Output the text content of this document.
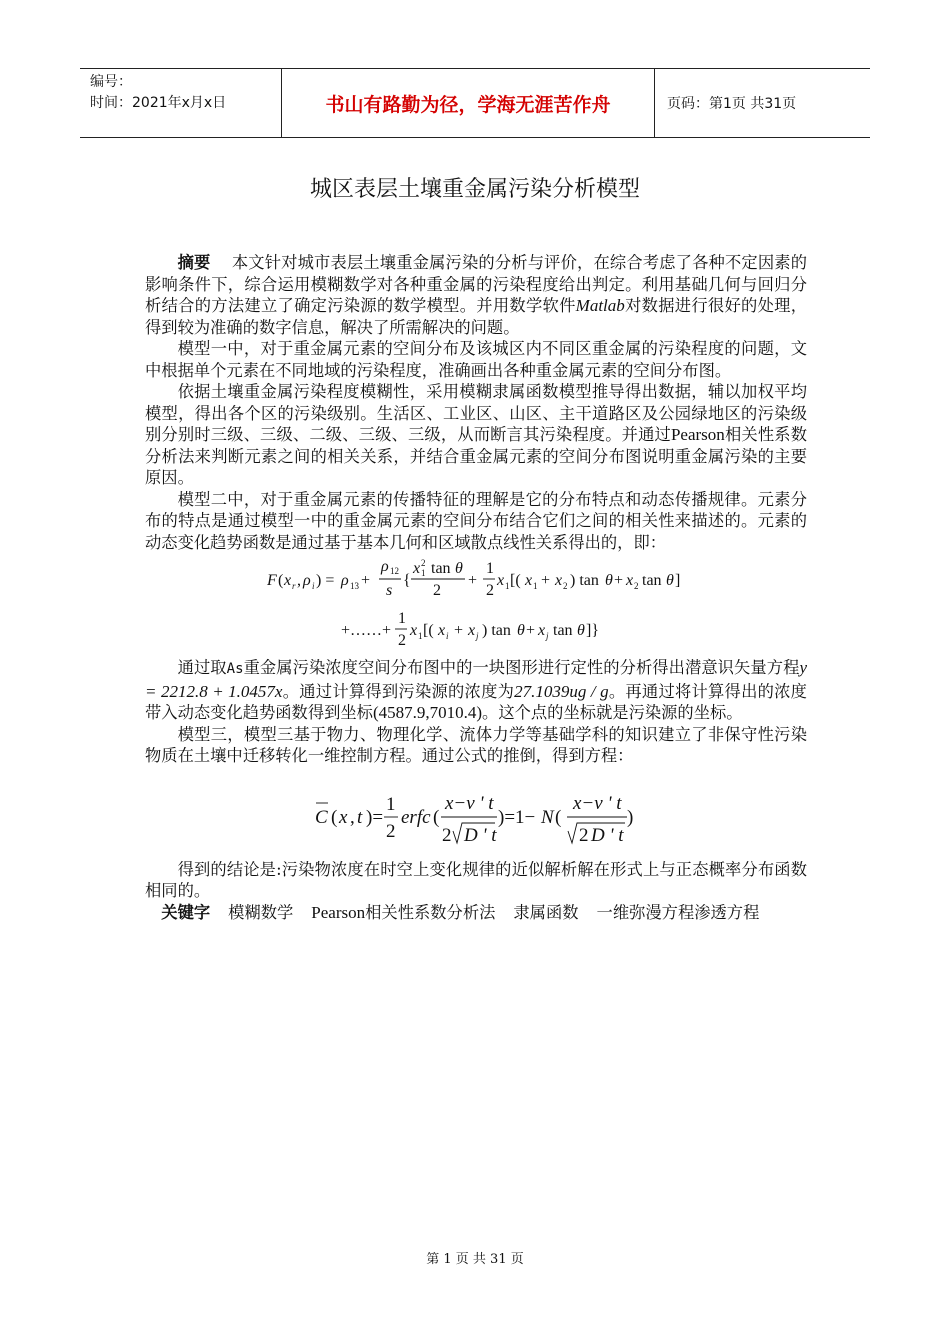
编号：
时间：2021年x月x日	书山有路勤为径，学海无涯苦作舟	页码：第1页 共31页
城区表层土壤重金属污染分析模型

摘要 本文针对城市表层土壤重金属污染的分析与评价，在综合考虑了各种不定因素的影响条件下，综合运用模糊数学对各种重金属的污染程度给出判定。利用基础几何与回归分析结合的方法建立了确定污染源的数学模型。并用数学软件Matlab对数据进行很好的处理，得到较为准确的数字信息，解决了所需解决的问题。

模型一中，对于重金属元素的空间分布及该城区内不同区重金属的污染程度的问题，文中根据单个元素在不同地域的污染程度，准确画出各种重金属元素的空间分布图。

依据土壤重金属污染程度模糊性，采用模糊隶属函数模型推导得出数据，辅以加权平均模型，得出各个区的污染级别。生活区、工业区、山区、主干道路区及公园绿地区的污染级别分别时三级、三级、二级、三级、三级，从而断言其污染程度。并通过Pearson相关性系数分析法来判断元素之间的相关关系，并结合重金属元素的空间分布图说明重金属污染的主要原因。

模型二中，对于重金属元素的传播特征的理解是它的分布特点和动态传播规律。元素分布的特点是通过模型一中的重金属元素的空间分布结合它们之间的相关性来描述的。元素的动态变化趋势函数是通过基于基本几何和区域散点线性关系得出的，即：

F ( x r , ρ i ) = ρ 13 +
ρ 12
s
{
x 1
2 tan θ
2
+
1
2
x 1 [( x 1 + x 2 ) tan θ + x 2 tan θ ]
+……+
1
2
x 1 [( x i + x j ) tan θ + x j tan θ ]}

通过取As重金属污染浓度空间分布图中的一块图形进行定性的分析得出潜意识矢量方程y = 2212.8 + 1.0457x。通过计算得到污染源的浓度为27.1039ug / g。再通过将计算得出的浓度带入动态变化趋势函数得到坐标(4587.9,7010.4)。这个点的坐标就是污染源的坐标。

模型三，模型三基于物力、物理化学、流体力学等基础学科的知识建立了非保守性污染物质在土壤中迁移转化一维控制方程。通过公式的推倒，得到方程：

C ( x , t )=
1
2
erfc (
x−v ' t
2 D ' t
)=1− N (
x−v ' t
2 D ' t
)

得到的结论是:污染物浓度在时空上变化规律的近似解析解在形式上与正态概率分布函数相同的。

关键字 模糊数学 Pearson相关性系数分析法 隶属函数 一维弥漫方程渗透方程

第 1 页 共 31 页
